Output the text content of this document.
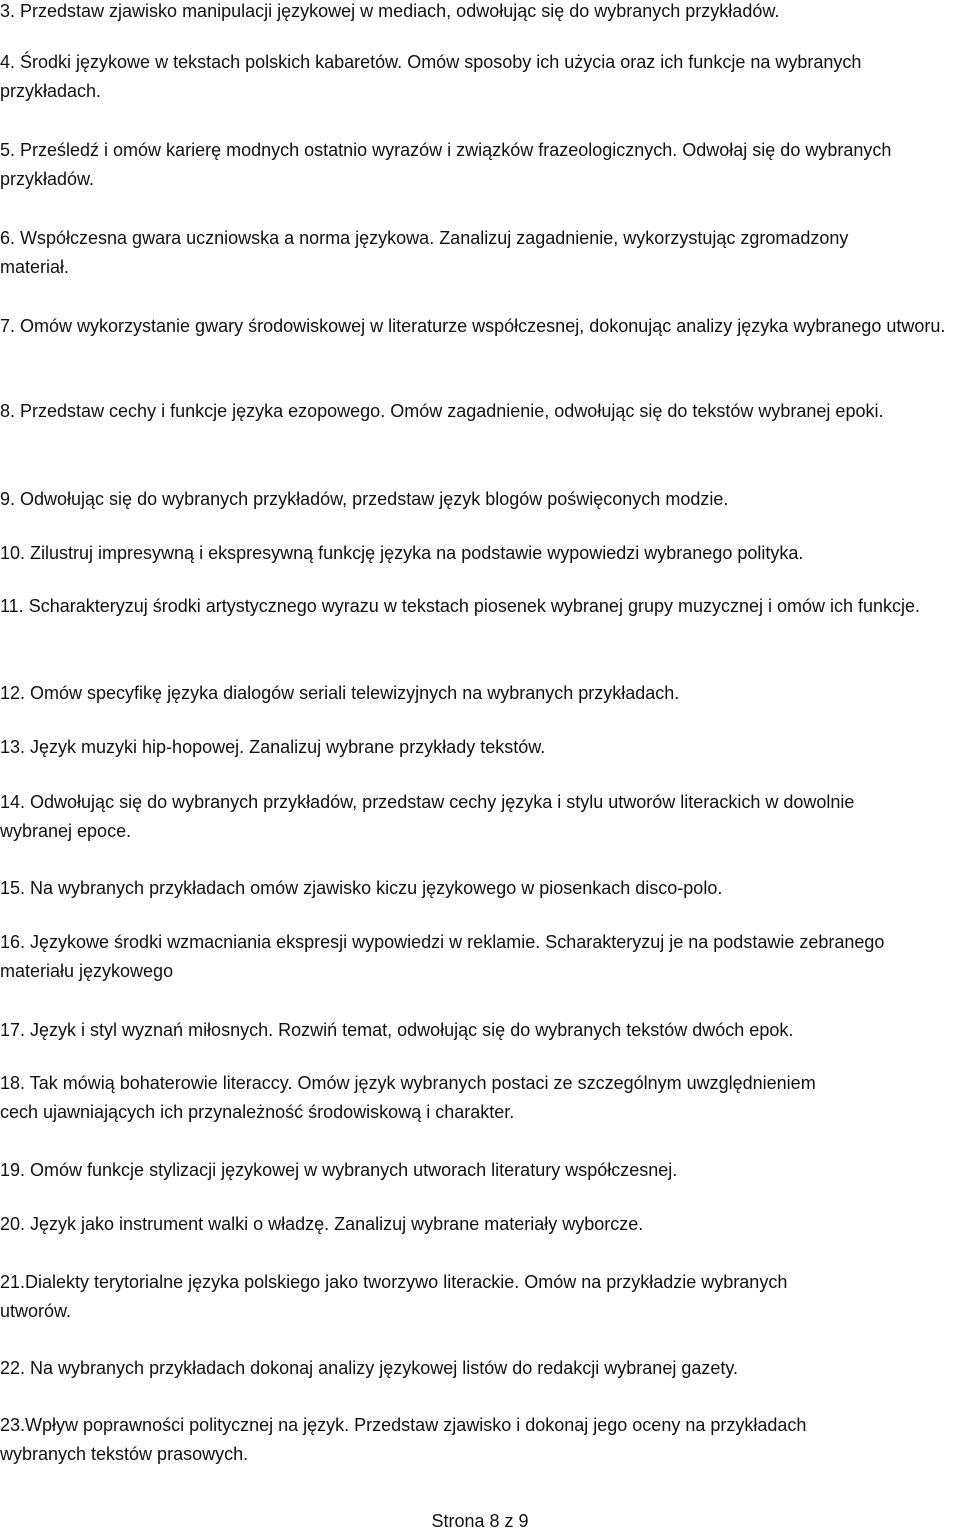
3. Przedstaw zjawisko manipulacji językowej w mediach, odwołując się do wybranych przykładów.
4. Środki językowe w tekstach polskich kabaretów. Omów sposoby ich użycia oraz ich funkcje na wybranych przykładach.
5. Prześledź i omów karierę modnych ostatnio wyrazów i związków frazeologicznych. Odwołaj się do wybranych przykładów.
6. Współczesna gwara uczniowska a norma językowa. Zanalizuj zagadnienie, wykorzystując zgromadzony materiał.
7. Omów wykorzystanie gwary środowiskowej w literaturze współczesnej, dokonując analizy języka wybranego utworu.
8. Przedstaw cechy i funkcje języka ezopowego. Omów zagadnienie, odwołując się do tekstów wybranej epoki.
9. Odwołując się do wybranych przykładów, przedstaw język blogów poświęconych modzie.
10. Zilustruj impresywną i ekspresywną funkcję języka na podstawie wypowiedzi wybranego polityka.
11. Scharakteryzuj środki artystycznego wyrazu w tekstach piosenek wybranej grupy muzycznej i omów ich funkcje.
12. Omów specyfikę języka dialogów seriali telewizyjnych na wybranych przykładach.
13. Język muzyki hip-hopowej. Zanalizuj wybrane przykłady tekstów.
14. Odwołując się do wybranych przykładów, przedstaw cechy języka i stylu utworów literackich w dowolnie wybranej epoce.
15. Na wybranych przykładach omów zjawisko kiczu językowego w piosenkach disco-polo.
16. Językowe środki wzmacniania ekspresji wypowiedzi w reklamie. Scharakteryzuj je na podstawie zebranego materiału językowego
17. Język i styl wyznań miłosnych. Rozwiń temat, odwołując się do wybranych tekstów dwóch epok.
18. Tak mówią bohaterowie literaccy. Omów język wybranych postaci ze szczególnym uwzględnieniem cech ujawniających ich przynależność środowiskową i charakter.
19. Omów funkcje stylizacji językowej w wybranych utworach literatury współczesnej.
20. Język jako instrument walki o władzę. Zanalizuj wybrane materiały wyborcze.
21.Dialekty terytorialne języka polskiego jako tworzywo literackie. Omów na przykładzie wybranych utworów.
22. Na wybranych przykładach dokonaj analizy językowej listów do redakcji wybranej gazety.
23.Wpływ poprawności politycznej na język. Przedstaw zjawisko i dokonaj jego oceny na przykładach wybranych tekstów prasowych.
Strona 8 z 9
